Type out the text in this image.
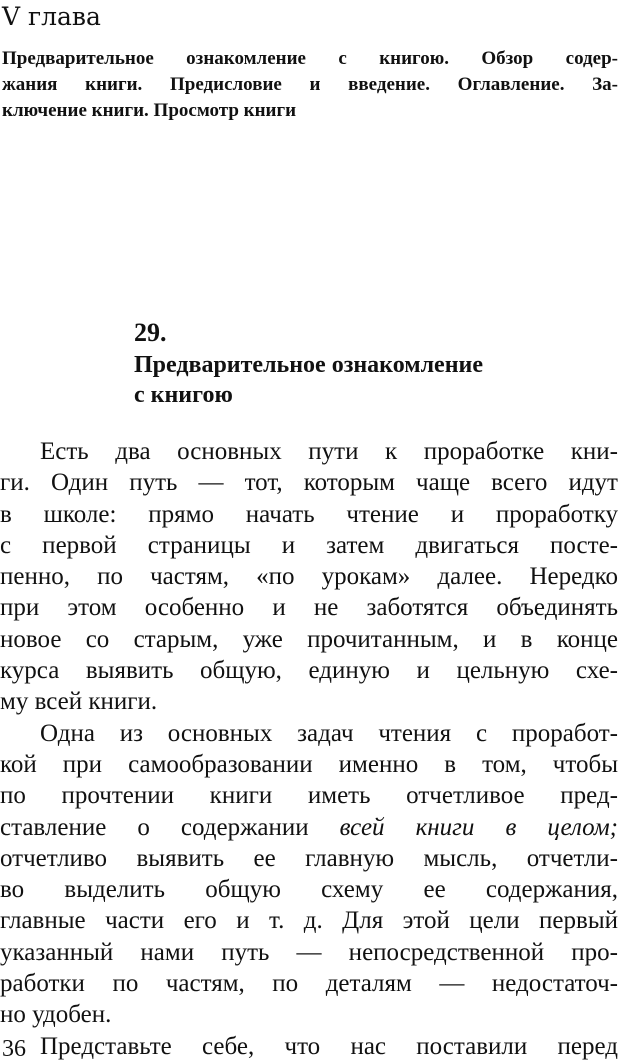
V глава
Предварительное ознакомление с книгою. Обзор содер-
жания книги. Предисловие и введение. Оглавление. За-
ключение книги. Просмотр книги
29.
Предварительное ознакомление
с книгою
Есть два основных пути к проработке кни-
ги. Один путь — тот, которым чаще всего идут
в школе: прямо начать чтение и проработку
с первой страницы и затем двигаться посте-
пенно, по частям, «по урокам» далее. Нередко
при этом особенно и не заботятся объединять
новое со старым, уже прочитанным, и в конце
курса выявить общую, единую и цельную схе-
му всей книги.
Одна из основных задач чтения с проработ-
кой при самообразовании именно в том, чтобы
по прочтении книги иметь отчетливое пред-
ставление о содержании всей книги в целом;
отчетливо выявить ее главную мысль, отчетли-
во выделить общую схему ее содержания,
главные части его и т. д. Для этой цели первый
указанный нами путь — непосредственной про-
работки по частям, по деталям — недостаточ-
но удобен.
Представьте себе, что нас поставили перед
36
